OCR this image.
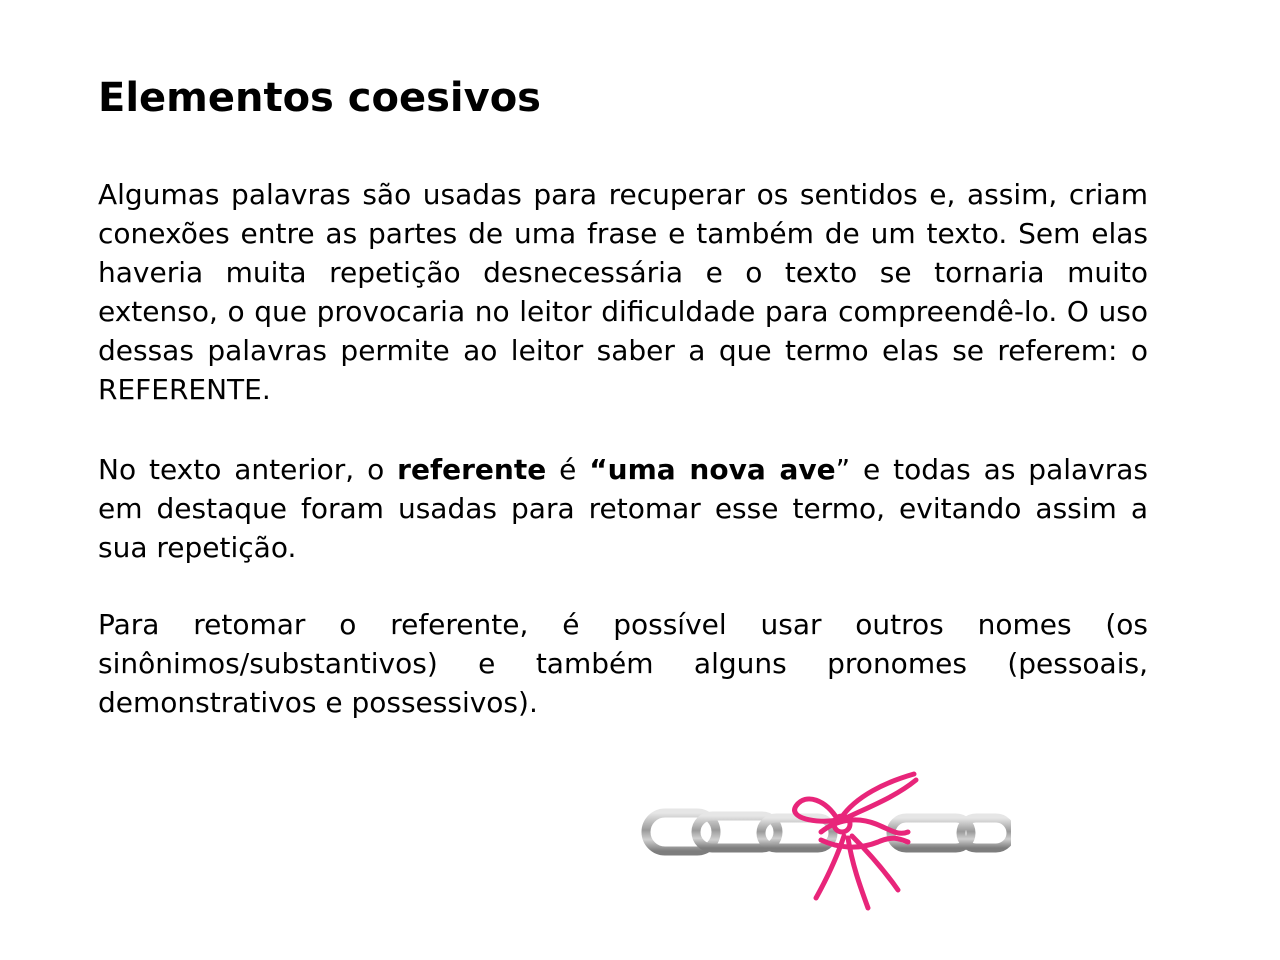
Elementos coesivos

Algumas palavras são usadas para recuperar os sentidos e, assim, criam conexões entre as partes de uma frase e também de um texto. Sem elas haveria muita repetição desnecessária e o texto se tornaria muito extenso, o que provocaria no leitor dificuldade para compreendê-lo. O uso dessas palavras permite ao leitor saber a que termo elas se referem: o REFERENTE.

No texto anterior, o referente é “uma nova ave” e todas as palavras em destaque foram usadas para retomar esse termo, evitando assim a sua repetição.

Para retomar o referente, é possível usar outros nomes (os sinônimos/substantivos) e também alguns pronomes (pessoais, demonstrativos e possessivos).
